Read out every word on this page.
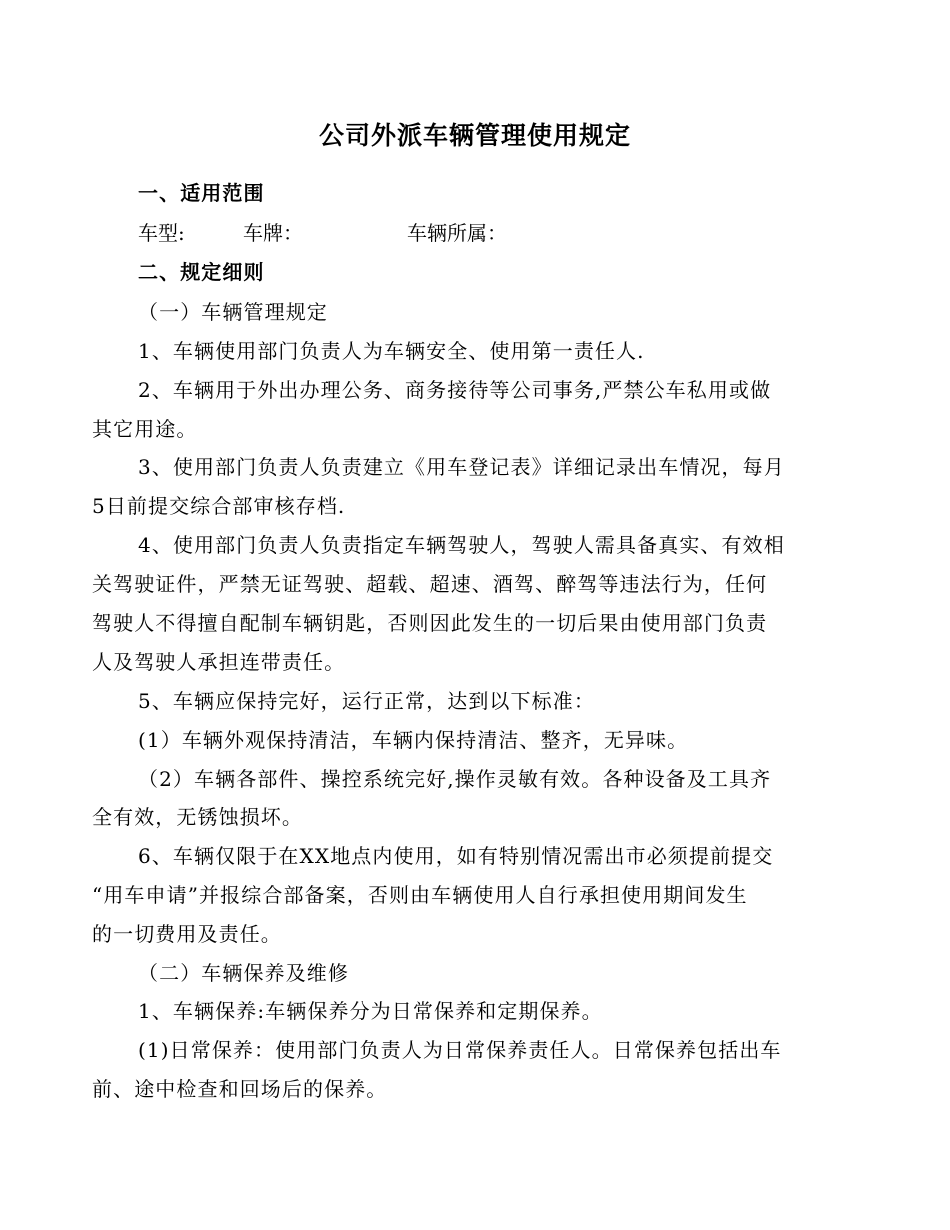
公司外派车辆管理使用规定
一、适用范围
车型:	车牌：	车辆所属：
二、规定细则
（一）车辆管理规定
1、车辆使用部门负责人为车辆安全、使用第一责任人.
2、车辆用于外出办理公务、商务接待等公司事务,严禁公车私用或做
其它用途。
3、使用部门负责人负责建立《用车登记表》详细记录出车情况，每月
5日前提交综合部审核存档.
4、使用部门负责人负责指定车辆驾驶人，驾驶人需具备真实、有效相
关驾驶证件，严禁无证驾驶、超载、超速、酒驾、醉驾等违法行为，任何
驾驶人不得擅自配制车辆钥匙，否则因此发生的一切后果由使用部门负责
人及驾驶人承担连带责任。
5、车辆应保持完好，运行正常，达到以下标准：
(1）车辆外观保持清洁，车辆内保持清洁、整齐，无异味。
（2）车辆各部件、操控系统完好,操作灵敏有效。各种设备及工具齐
全有效，无锈蚀损坏。
6、车辆仅限于在XX地点内使用，如有特别情况需出市必须提前提交
“用车申请”并报综合部备案，否则由车辆使用人自行承担使用期间发生
的一切费用及责任。
（二）车辆保养及维修
1、车辆保养:车辆保养分为日常保养和定期保养。
(1)日常保养：使用部门负责人为日常保养责任人。日常保养包括出车
前、途中检查和回场后的保养。
